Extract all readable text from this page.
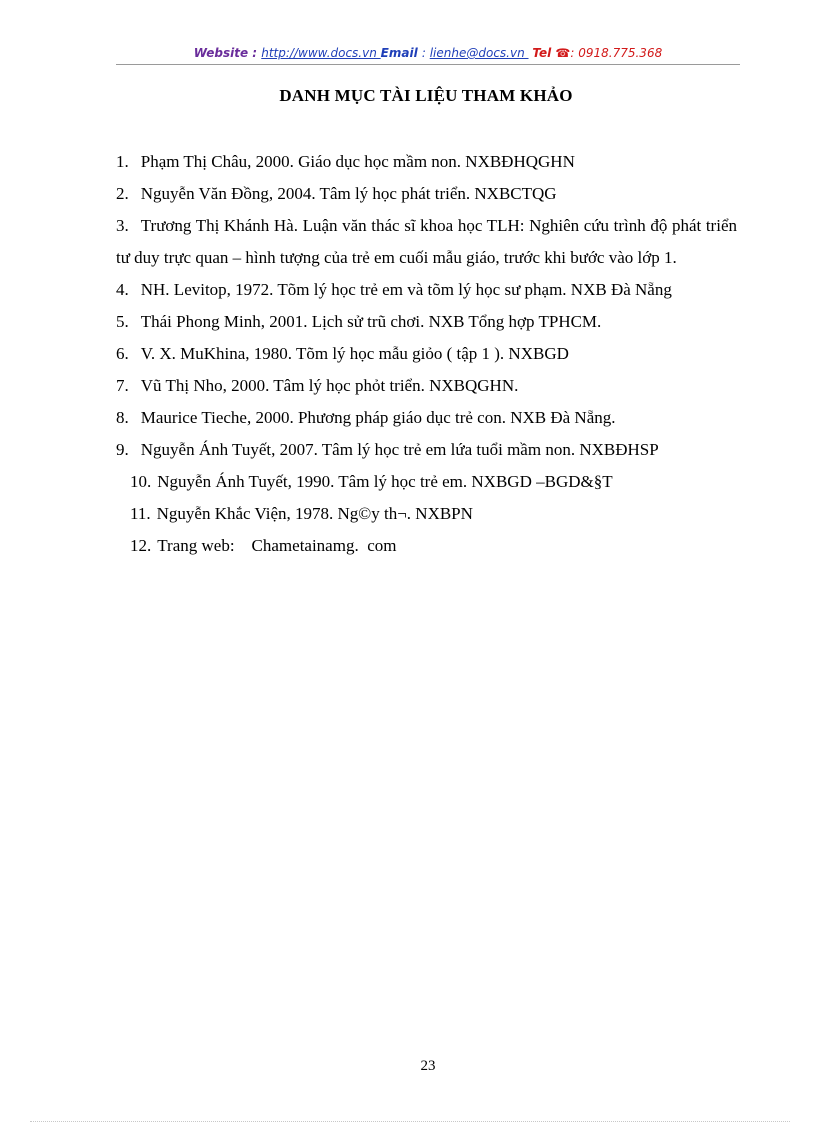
Website : http://www.docs.vn Email : lienhe@docs.vn  Tel ☎: 0918.775.368
DANH MỤC TÀI LIỆU THAM KHẢO

1. Phạm Thị Châu, 2000. Giáo dục học mầm non. NXBĐHQGHN

2. Nguyễn Văn Đồng, 2004. Tâm lý học phát triển. NXBCTQG

3. Trương Thị Khánh Hà. Luận văn thác sĩ khoa học TLH: Nghiên cứu trình độ phát triển tư duy trực quan – hình tượng của trẻ em cuối mẫu giáo, trước khi bước vào lớp 1.

4. NH. Levitop, 1972. Tõm lý học trẻ em và tõm lý học sư phạm. NXB Đà Nẵng

5. Thái Phong Minh, 2001. Lịch sử trũ chơi. NXB Tổng hợp TPHCM.

6. V. X. MuKhina, 1980. Tõm lý học mẫu giỏo ( tập 1 ). NXBGD

7. Vũ Thị Nho, 2000. Tâm lý học phỏt triển. NXBQGHN.

8. Maurice Tieche, 2000. Phương pháp giáo dục trẻ con. NXB Đà Nẵng.

9. Nguyễn Ánh Tuyết, 2007. Tâm lý học trẻ em lứa tuổi mầm non. NXBĐHSP

10. Nguyễn Ánh Tuyết, 1990. Tâm lý học trẻ em. NXBGD –BGD&§T

11. Nguyễn Khắc Viện, 1978. Ng©y th¬. NXBPN

12. Trang web:    Chametainamg.  com

23
